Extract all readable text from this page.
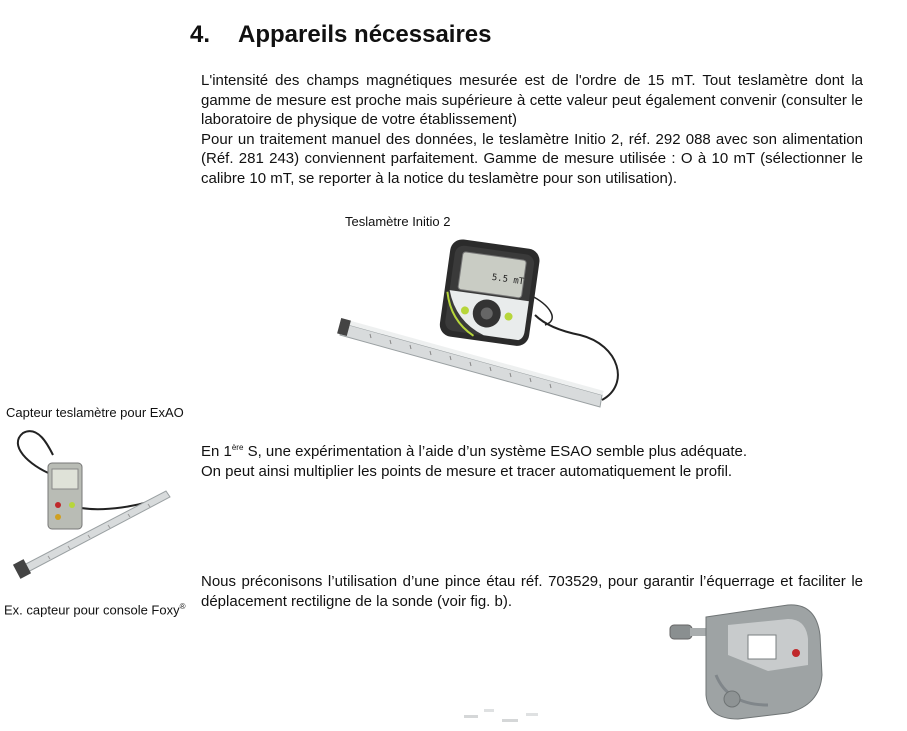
4. Appareils nécessaires

L'intensité des champs magnétiques mesurée est de l'ordre de 15 mT. Tout teslamètre dont la gamme de mesure est proche mais supérieure à cette valeur peut également convenir (consulter le laboratoire de physique de votre établissement)

Pour un traitement manuel des données, le teslamètre Initio 2, réf. 292 088 avec son alimentation (Réf. 281 243) conviennent parfaitement. Gamme de mesure utilisée : O à 10 mT (sélectionner le calibre 10 mT, se reporter à la notice du teslamètre pour son utilisation).

Teslamètre Initio 2
5.5 mT
Capteur teslamètre pour ExAO
Ex. capteur pour console Foxy®

En 1ère S, une expérimentation à l’aide d’un système ESAO semble plus adéquate.

On peut ainsi multiplier les points de mesure et tracer automatiquement le profil.

Nous préconisons l’utilisation d’une pince étau réf. 703529, pour garantir l’équerrage et faciliter le déplacement rectiligne de la sonde (voir fig. b).
